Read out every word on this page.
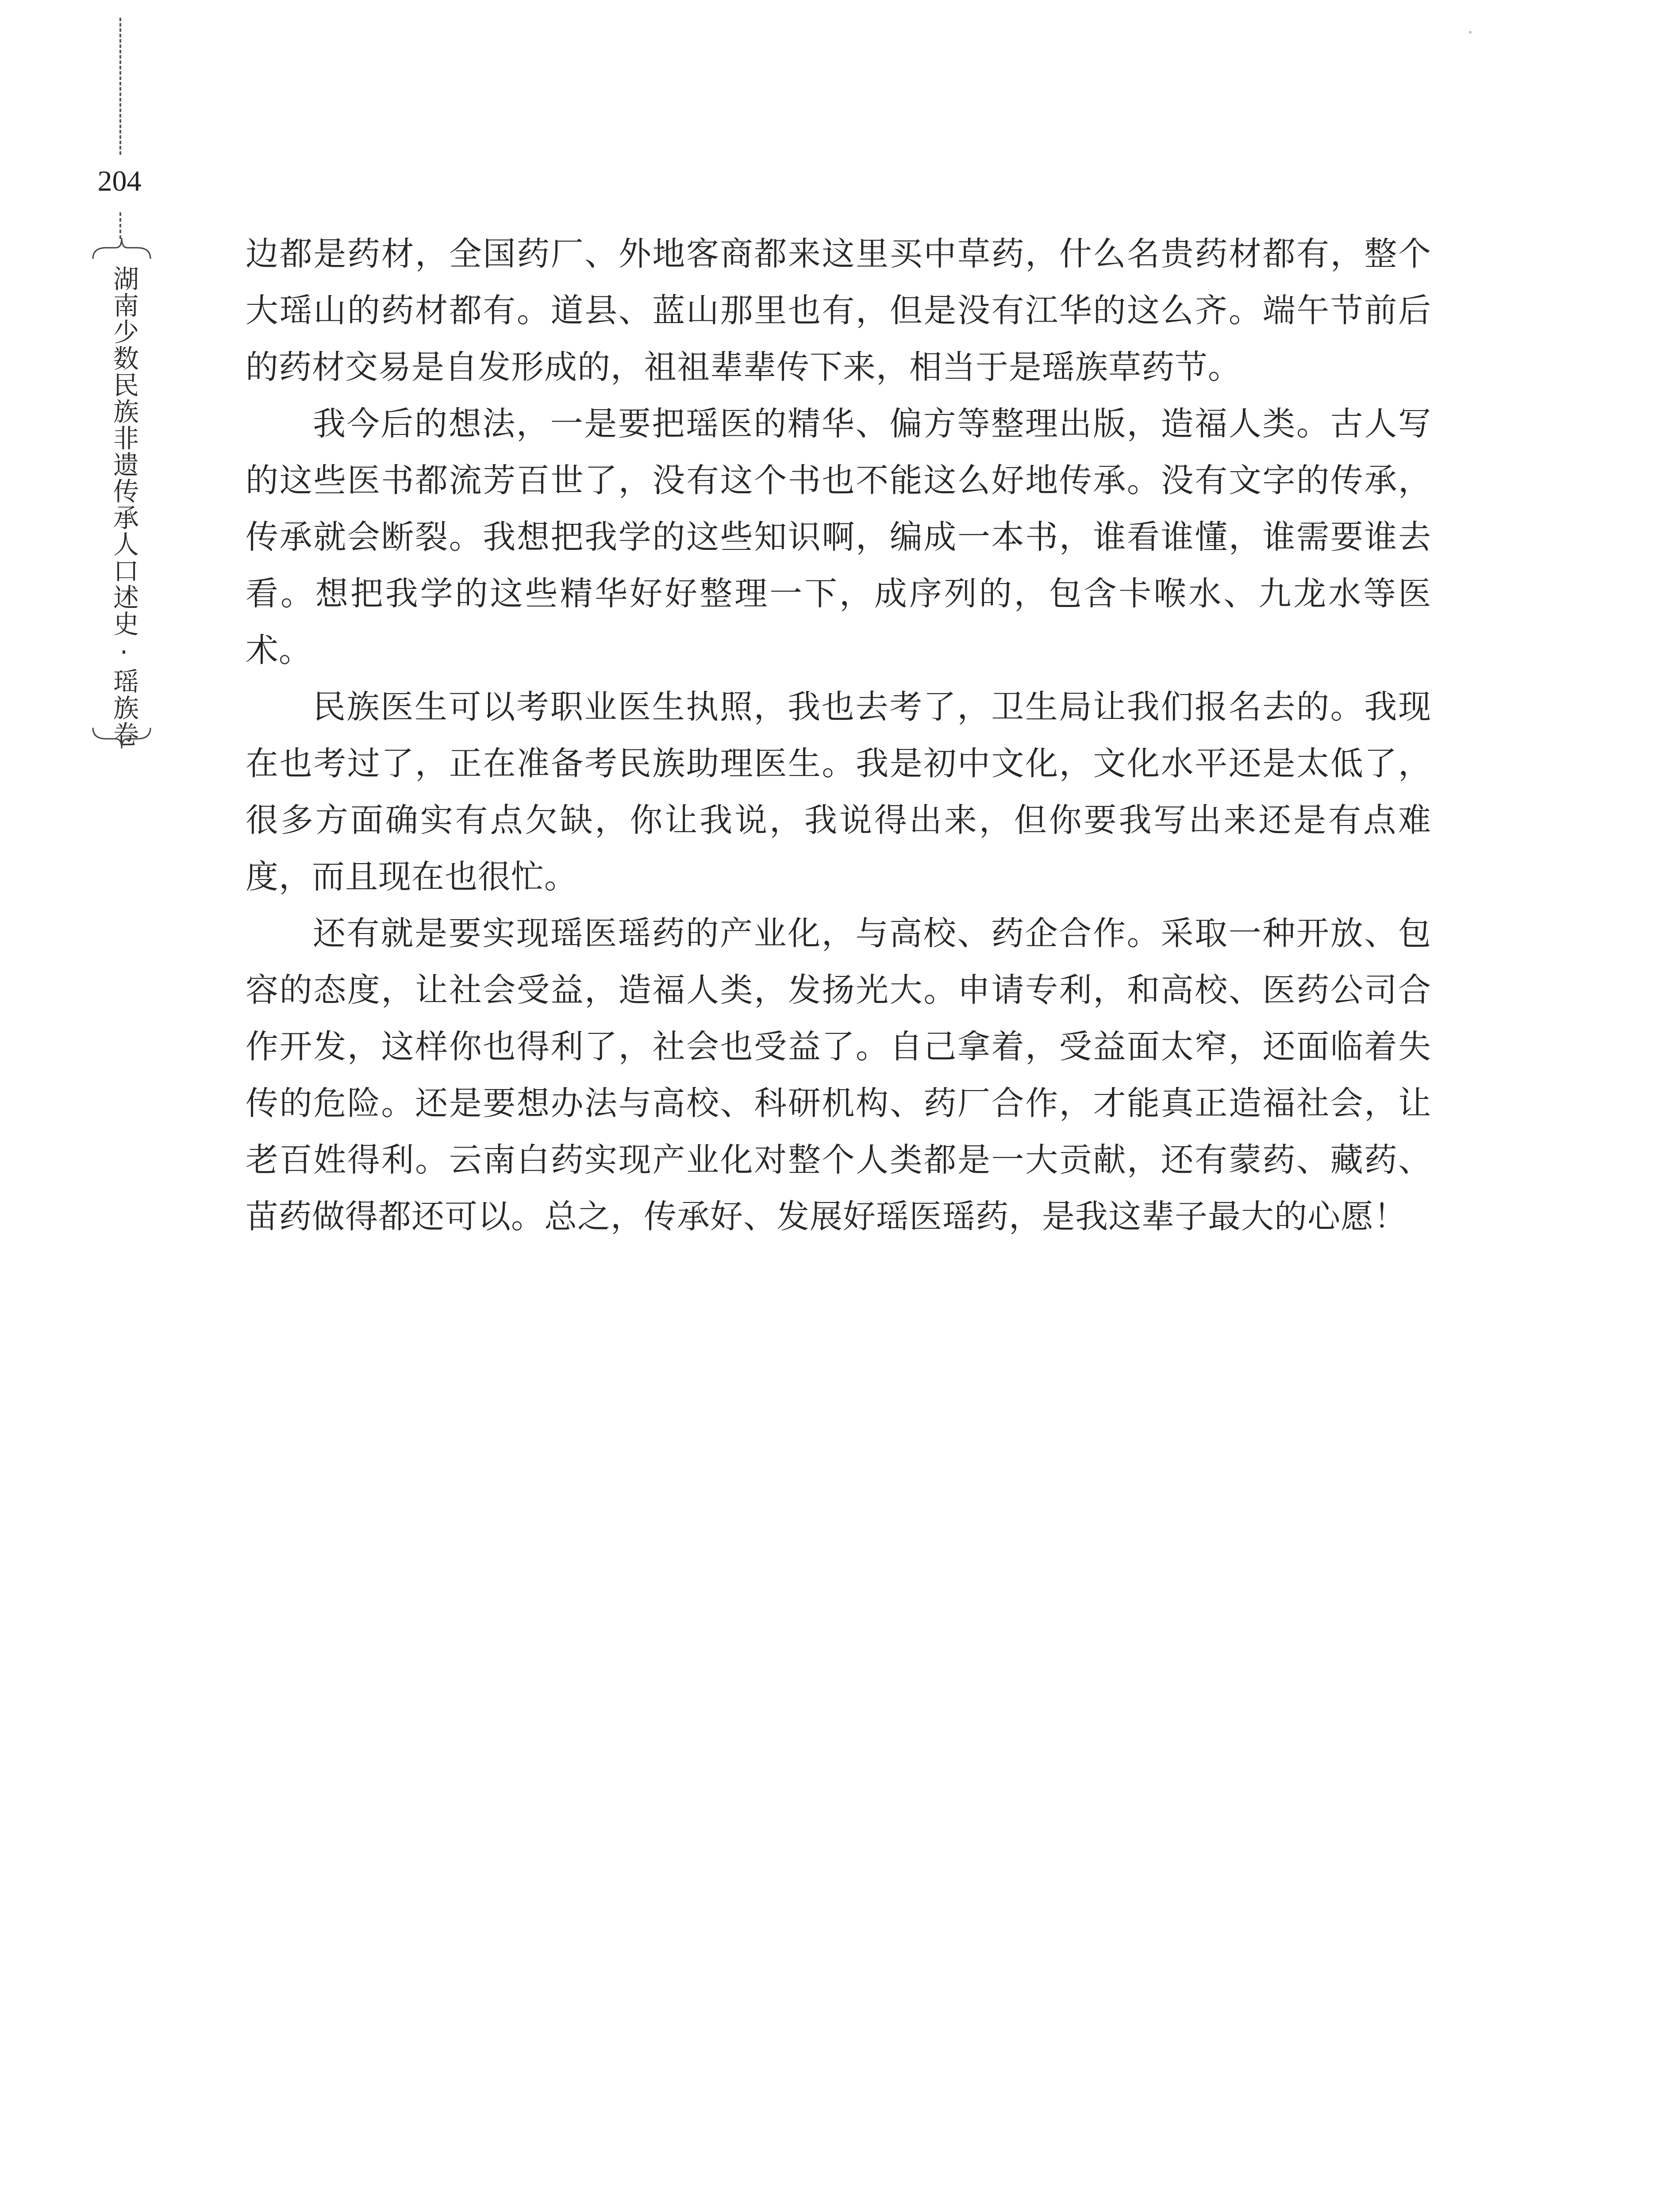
204
湖南少数民族非遗传承人口述史·瑶族卷

边都是药材，全国药厂、外地客商都来这里买中草药，什么名贵药材都有，整个大瑶山的药材都有。道县、蓝山那里也有，但是没有江华的这么齐。端午节前后的药材交易是自发形成的，祖祖辈辈传下来，相当于是瑶族草药节。

我今后的想法，一是要把瑶医的精华、偏方等整理出版，造福人类。古人写的这些医书都流芳百世了，没有这个书也不能这么好地传承。没有文字的传承，传承就会断裂。我想把我学的这些知识啊，编成一本书，谁看谁懂，谁需要谁去看。想把我学的这些精华好好整理一下，成序列的，包含卡喉水、九龙水等医术。

民族医生可以考职业医生执照，我也去考了，卫生局让我们报名去的。我现在也考过了，正在准备考民族助理医生。我是初中文化，文化水平还是太低了，很多方面确实有点欠缺，你让我说，我说得出来，但你要我写出来还是有点难度，而且现在也很忙。

还有就是要实现瑶医瑶药的产业化，与高校、药企合作。采取一种开放、包容的态度，让社会受益，造福人类，发扬光大。申请专利，和高校、医药公司合作开发，这样你也得利了，社会也受益了。自己拿着，受益面太窄，还面临着失传的危险。还是要想办法与高校、科研机构、药厂合作，才能真正造福社会，让老百姓得利。云南白药实现产业化对整个人类都是一大贡献，还有蒙药、藏药、苗药做得都还可以。总之，传承好、发展好瑶医瑶药，是我这辈子最大的心愿！
